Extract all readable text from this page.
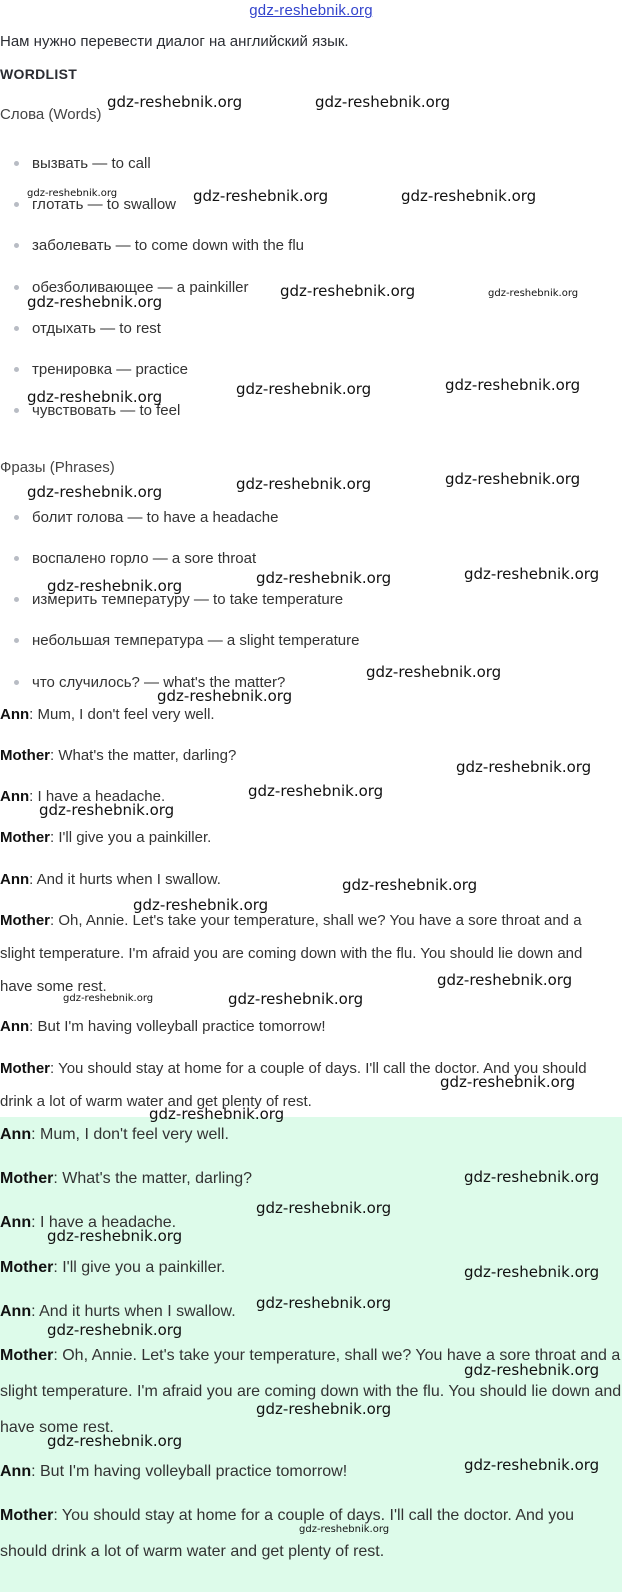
gdz-reshebnik.org
Нам нужно перевести диалог на английский язык.
WORDLIST
Слова (Words)
вызвать — to call
глотать — to swallow
заболевать — to come down with the flu
обезболивающее — a painkiller
отдыхать — to rest
тренировка — practice
чувствовать — to feel
Фразы (Phrases)
болит голова — to have a headache
воспалено горло — a sore throat
измерить температуру — to take temperature
небольшая температура — a slight temperature
что случилось? — what's the matter?
Ann: Mum, I don't feel very well.
Mother: What's the matter, darling?
Ann: I have a headache.
Mother: I'll give you a painkiller.
Ann: And it hurts when I swallow.
Mother: Oh, Annie. Let's take your temperature, shall we? You have a sore throat and a slight temperature. I'm afraid you are coming down with the flu. You should lie down and have some rest.
Ann: But I'm having volleyball practice tomorrow!
Mother: You should stay at home for a couple of days. I'll call the doctor. And you should drink a lot of warm water and get plenty of rest.
Ann: Mum, I don't feel very well.
Mother: What's the matter, darling?
Ann: I have a headache.
Mother: I'll give you a painkiller.
Ann: And it hurts when I swallow.
Mother: Oh, Annie. Let's take your temperature, shall we? You have a sore throat and a slight temperature. I'm afraid you are coming down with the flu. You should lie down and have some rest.
Ann: But I'm having volleyball practice tomorrow!
Mother: You should stay at home for a couple of days. I'll call the doctor. And you should drink a lot of warm water and get plenty of rest.
gdz-reshebnik.org	gdz-reshebnik.org
gdz-reshebnik.org	gdz-reshebnik.org	gdz-reshebnik.org
gdz-reshebnik.org	gdz-reshebnik.org
gdz-reshebnik.org
gdz-reshebnik.org
gdz-reshebnik.org
gdz-reshebnik.org
gdz-reshebnik.org
gdz-reshebnik.org
gdz-reshebnik.org
gdz-reshebnik.org
gdz-reshebnik.org
gdz-reshebnik.org
gdz-reshebnik.org
gdz-reshebnik.org
gdz-reshebnik.org
gdz-reshebnik.org
gdz-reshebnik.org
gdz-reshebnik.org
gdz-reshebnik.org
gdz-reshebnik.org
gdz-reshebnik.org	gdz-reshebnik.org
gdz-reshebnik.org
gdz-reshebnik.org
gdz-reshebnik.org
gdz-reshebnik.org
gdz-reshebnik.org
gdz-reshebnik.org
gdz-reshebnik.org
gdz-reshebnik.org
gdz-reshebnik.org
gdz-reshebnik.org
gdz-reshebnik.org
gdz-reshebnik.org
gdz-reshebnik.org
